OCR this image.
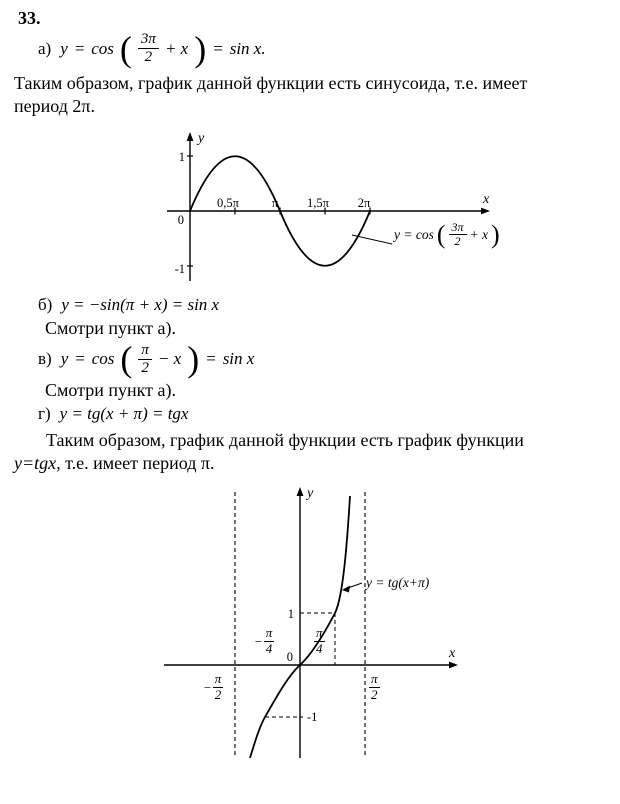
33.
а) y = cos ( $\frac{3\pi}{2} + x$ ) = sin x.

Таким образом, график данной функции есть синусоида, т.е. имеет период 2π.

y
x
0
0,5π	π 1,5π 2π
1
-1
y = cos ( $\frac{3\pi}{2} + x$ )
б) y = −sin(π + x) = sin x

Смотри пункт а).

в) y = cos ( $\frac{\pi}{2} - x$ ) = sin x

Смотри пункт а).

г) y = tg(x + π) = tgx

Таким образом, график данной функции есть график функции y=tgx, т.е. имеет период π.

y
x
0
1
-1
− $\frac{\pi}{4}$	$\frac{\pi}{4}$
− $\frac{\pi}{2}$	$\frac{\pi}{2}$
y = tg(x+π)
